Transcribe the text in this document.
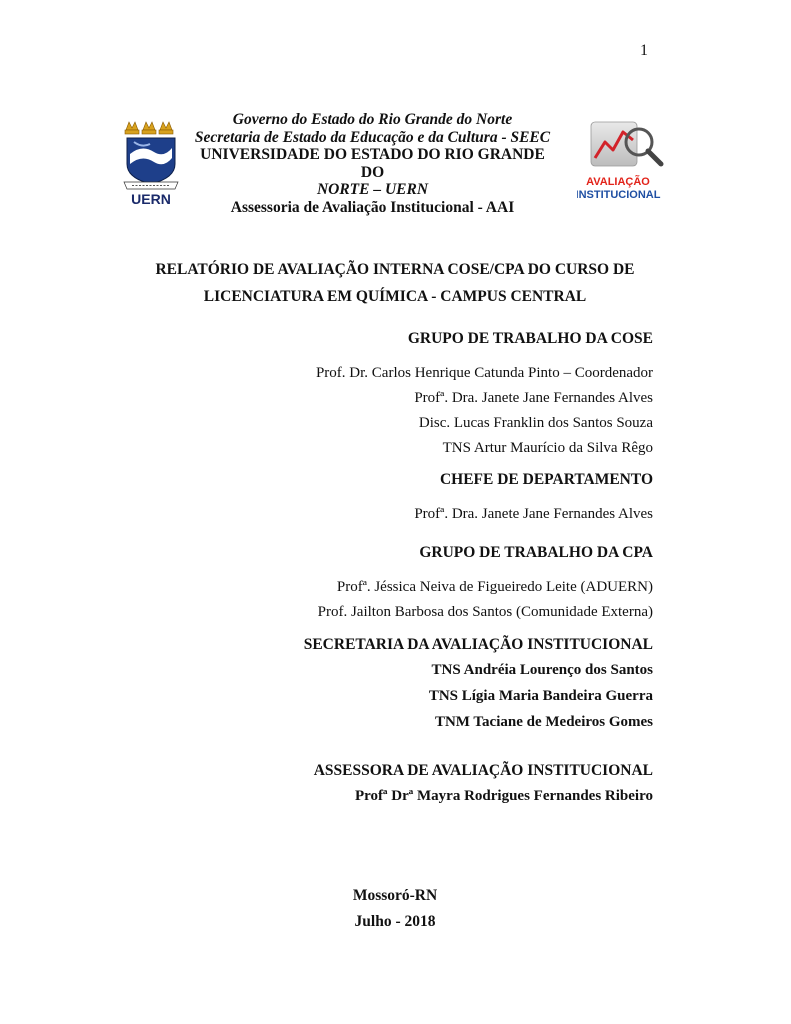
1
UERN
Governo do Estado do Rio Grande do Norte
Secretaria de Estado da Educação e da Cultura - SEEC
UNIVERSIDADE DO ESTADO DO RIO GRANDE DO
NORTE – UERN
Assessoria de Avaliação Institucional - AAI
AVALIAÇÃO
INSTITUCIONAL
RELATÓRIO DE AVALIAÇÃO INTERNA COSE/CPA DO CURSO DE
LICENCIATURA EM QUÍMICA - CAMPUS CENTRAL
GRUPO DE TRABALHO DA COSE
Prof. Dr. Carlos Henrique Catunda Pinto – Coordenador
Profª. Dra. Janete Jane Fernandes Alves
Disc. Lucas Franklin dos Santos Souza
TNS Artur Maurício da Silva Rêgo
CHEFE DE DEPARTAMENTO
Profª. Dra. Janete Jane Fernandes Alves
GRUPO DE TRABALHO DA CPA
Profª. Jéssica Neiva de Figueiredo Leite (ADUERN)
Prof. Jailton Barbosa dos Santos (Comunidade Externa)
SECRETARIA DA AVALIAÇÃO INSTITUCIONAL
TNS Andréia Lourenço dos Santos
TNS Lígia Maria Bandeira Guerra
TNM Taciane de Medeiros Gomes
ASSESSORA DE AVALIAÇÃO INSTITUCIONAL
Profª Drª Mayra Rodrigues Fernandes Ribeiro
Mossoró-RN
Julho - 2018
